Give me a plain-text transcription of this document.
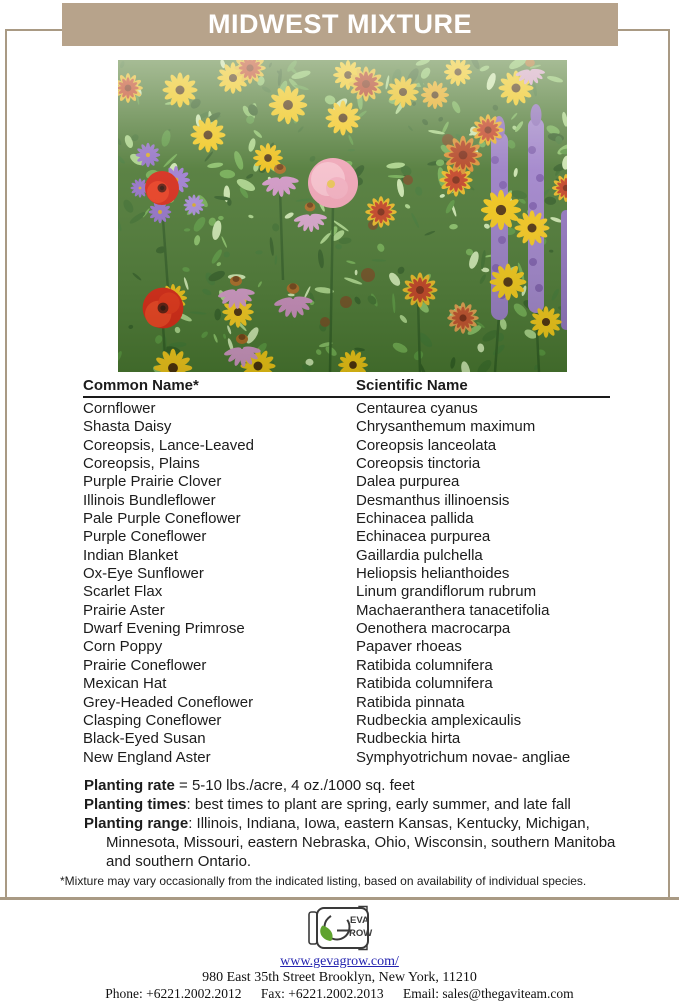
MIDWEST MIXTURE
Common Name*	Scientific Name
Cornflower	Centaurea cyanus
Shasta Daisy	Chrysanthemum maximum
Coreopsis, Lance-Leaved	Coreopsis lanceolata
Coreopsis, Plains	Coreopsis tinctoria
Purple Prairie Clover	Dalea purpurea
Illinois Bundleflower	Desmanthus illinoensis
Pale Purple Coneflower	Echinacea pallida
Purple Coneflower	Echinacea purpurea
Indian Blanket	Gaillardia pulchella
Ox-Eye Sunflower	Heliopsis helianthoides
Scarlet Flax	Linum grandiflorum rubrum
Prairie Aster	Machaeranthera tanacetifolia
Dwarf Evening Primrose	Oenothera macrocarpa
Corn Poppy	Papaver rhoeas
Prairie Coneflower	Ratibida columnifera
Mexican Hat	Ratibida columnifera
Grey-Headed Coneflower	Ratibida pinnata
Clasping Coneflower	Rudbeckia amplexicaulis
Black-Eyed Susan	Rudbeckia hirta
New England Aster	Symphyotrichum novae- angliae

Planting rate = 5-10 lbs./acre, 4 oz./1000 sq. feet

Planting times: best times to plant are spring, early summer, and late fall

Planting range: Illinois, Indiana, Iowa, eastern Kansas, Kentucky, Michigan, Minnesota, Missouri, eastern Nebraska, Ohio, Wisconsin, southern Manitoba and southern Ontario.

*Mixture may vary occasionally from the indicated listing, based on availability of individual species.
EVA
ROW
www.gevagrow.com/
980 East 35th Street Brooklyn, New York, 11210
Phone: +6221.2002.2012 Fax: +6221.2002.2013 Email: sales@thegaviteam.com
